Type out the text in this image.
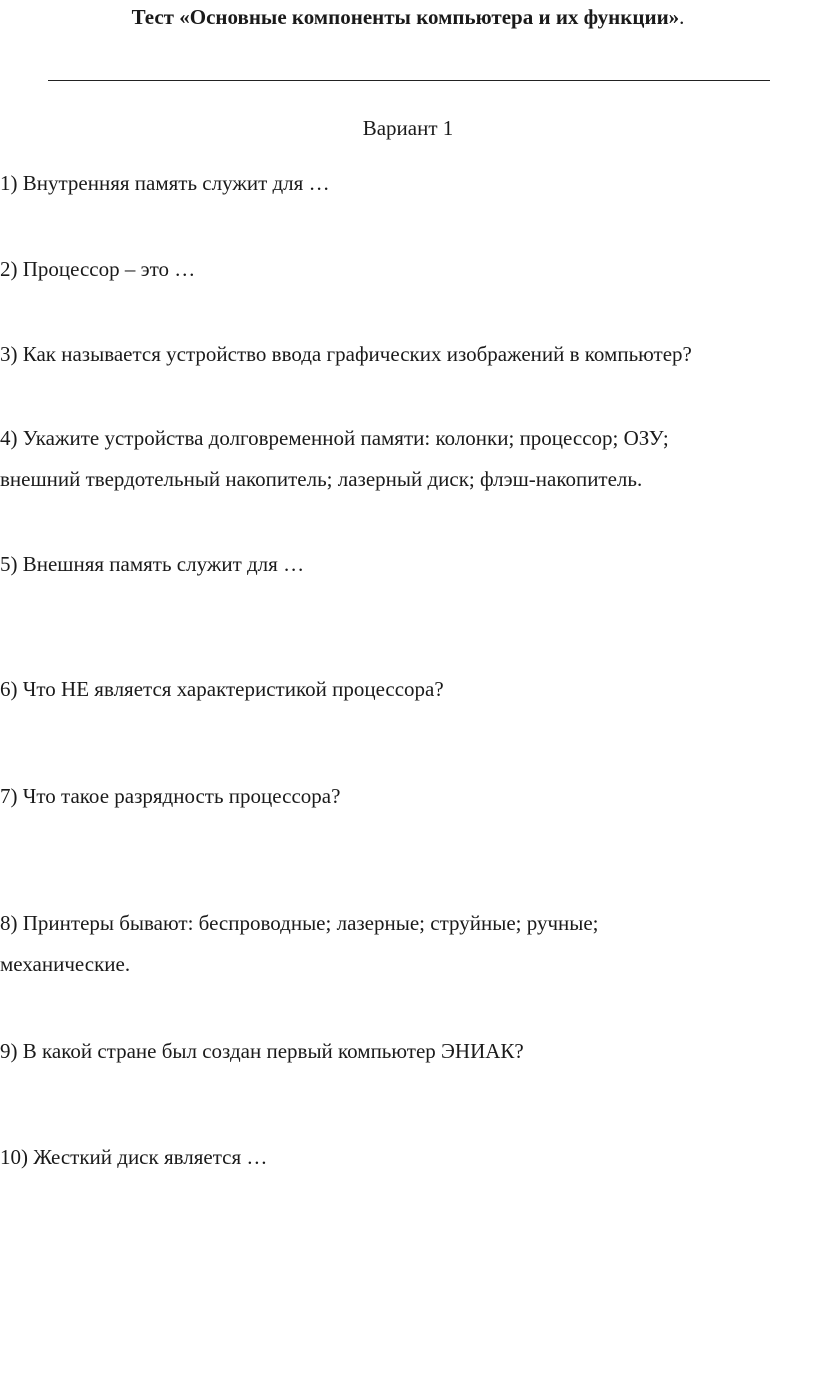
Тест «Основные компоненты компьютера и их функции».
Вариант 1
1) Внутренняя память служит для …
2) Процессор – это …
3) Как называется устройство ввода графических изображений в компьютер?
4) Укажите устройства долговременной памяти: колонки; процессор; ОЗУ;
внешний твердотельный накопитель; лазерный диск; флэш-накопитель.
5) Внешняя память служит для …
6) Что НЕ является характеристикой процессора?
7) Что такое разрядность процессора?
8) Принтеры бывают: беспроводные; лазерные; струйные; ручные;
механические.
9) В какой стране был создан первый компьютер ЭНИАК?
10) Жесткий диск является …
